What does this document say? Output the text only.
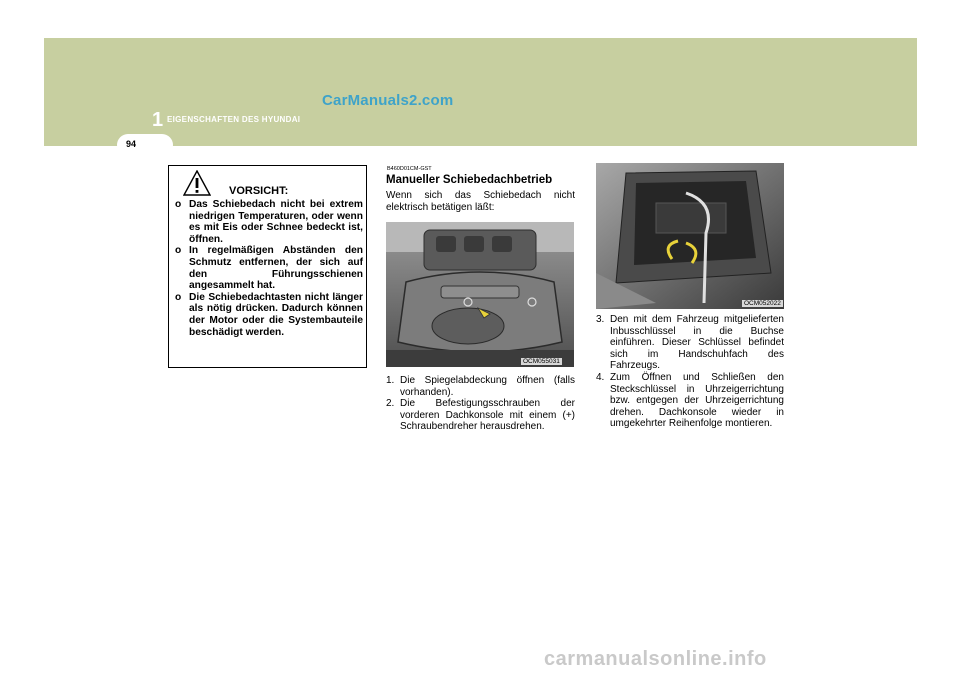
CarManuals2.com
1 EIGENSCHAFTEN DES HYUNDAI
94
VORSICHT:
o Das Schiebedach nicht bei extrem niedrigen Temperaturen, oder wenn es mit Eis oder Schnee bedeckt ist, öffnen.
o In regelmäßigen Abständen den Schmutz entfernen, der sich auf den Führungsschienen angesammelt hat.
o Die Schiebedachtasten nicht länger als nötig drücken. Dadurch können der Motor oder die Systembauteile beschädigt werden.
B460D01CM-GST
Manueller Schiebedachbetrieb

Wenn sich das Schiebedach nicht elektrisch betätigen läßt:

OCM055031
1. Die Spiegelabdeckung öffnen (falls vorhanden).
2. Die Befestigungsschrauben der vorderen Dachkonsole mit einem (+) Schraubendreher herausdrehen.
OCM052022
3. Den mit dem Fahrzeug mitgelieferten Inbusschlüssel in die Buchse einführen. Dieser Schlüssel befindet sich im Handschuhfach des Fahrzeugs.
4. Zum Öffnen und Schließen den Steckschlüssel in Uhrzeigerrichtung bzw. entgegen der Uhrzeigerrichtung drehen. Dachkonsole wieder in umgekehrter Reihenfolge montieren.
carmanualsonline.info
